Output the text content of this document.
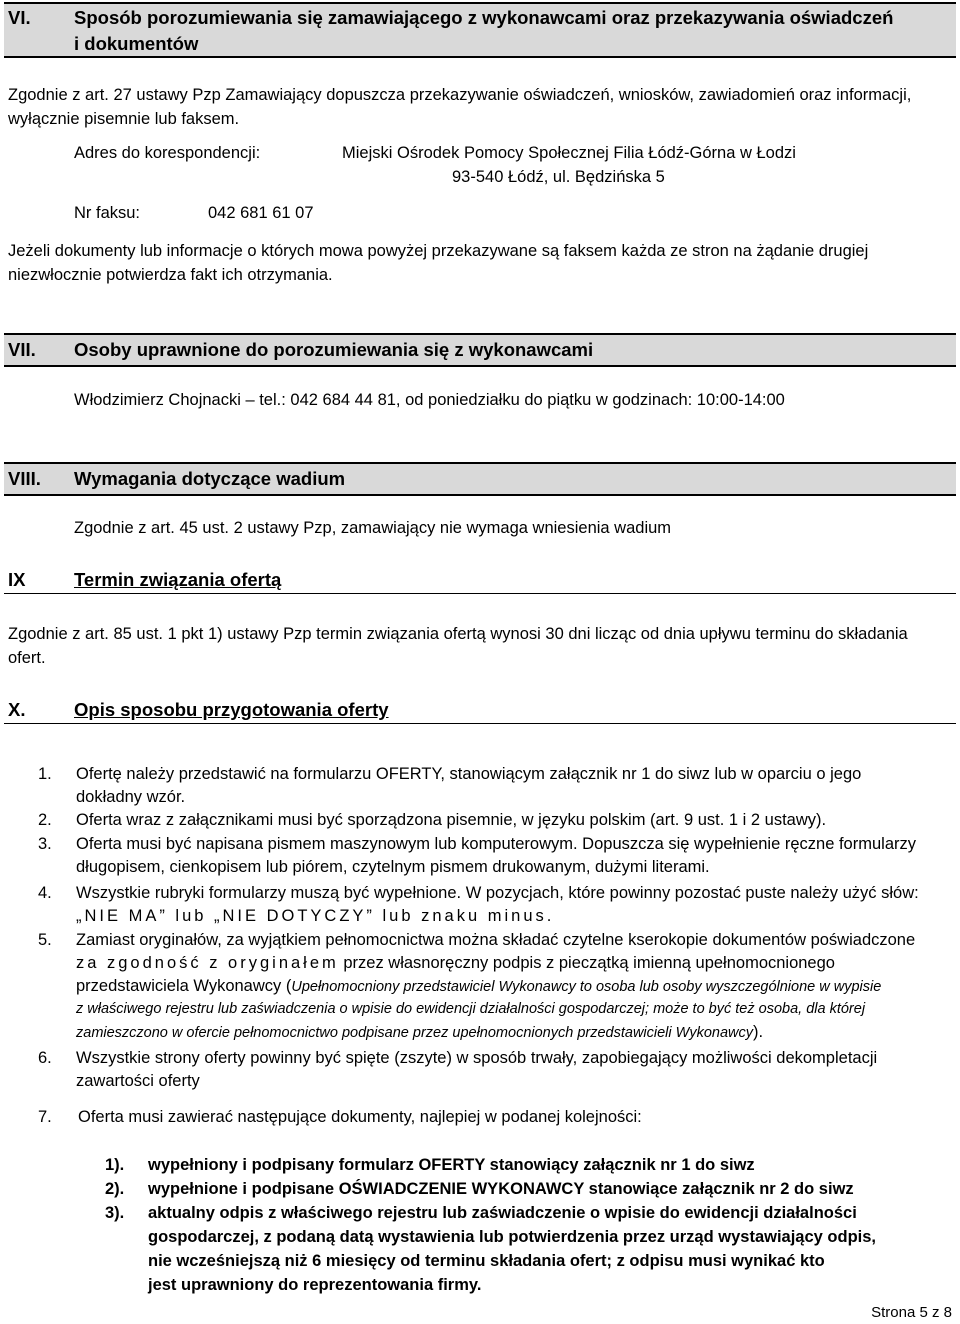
VI. Sposób porozumiewania się zamawiającego z wykonawcami oraz przekazywania oświadczeń
i dokumentów
Zgodnie z art. 27 ustawy Pzp Zamawiający dopuszcza przekazywanie oświadczeń, wniosków, zawiadomień oraz informacji,
wyłącznie pisemnie lub faksem.
Adres do korespondencji:	Miejski Ośrodek Pomocy Społecznej Filia Łódź-Górna w Łodzi
93-540 Łódź, ul. Będzińska 5
Nr faksu:	042 681 61 07
Jeżeli dokumenty lub informacje o których mowa powyżej przekazywane są faksem każda ze stron na żądanie drugiej
niezwłocznie potwierdza fakt ich otrzymania.
VII. Osoby uprawnione do porozumiewania się z wykonawcami
Włodzimierz Chojnacki – tel.: 042 684 44 81, od poniedziałku do piątku w godzinach: 10:00-14:00
VIII. Wymagania dotyczące wadium
Zgodnie z art. 45 ust. 2 ustawy Pzp, zamawiający nie wymaga wniesienia wadium
IX	Termin związania ofertą
Zgodnie z art. 85 ust. 1 pkt 1) ustawy Pzp termin związania ofertą wynosi 30 dni licząc od dnia upływu terminu do składania
ofert.
X.	Opis sposobu przygotowania oferty
1. Ofertę należy przedstawić na formularzu OFERTY, stanowiącym załącznik nr 1 do siwz lub w oparciu o jego
dokładny wzór.
2. Oferta wraz z załącznikami musi być sporządzona pisemnie, w języku polskim (art. 9 ust. 1 i 2 ustawy).
3. Oferta musi być napisana pismem maszynowym lub komputerowym. Dopuszcza się wypełnienie ręczne formularzy
długopisem, cienkopisem lub piórem, czytelnym pismem drukowanym, dużymi literami.
4. Wszystkie rubryki formularzy muszą być wypełnione. W pozycjach, które powinny pozostać puste należy użyć słów:
„NIE MA” lub „NIE DOTYCZY” lub znaku minus.
5. Zamiast oryginałów, za wyjątkiem pełnomocnictwa można składać czytelne kserokopie dokumentów poświadczone
za zgodność z oryginałem przez własnoręczny podpis z pieczątką imienną upełnomocnionego
przedstawiciela Wykonawcy (Upełnomocniony przedstawiciel Wykonawcy to osoba lub osoby wyszczególnione w wypisie
z właściwego rejestru lub zaświadczenia o wpisie do ewidencji działalności gospodarczej; może to być też osoba, dla której
zamieszczono w ofercie pełnomocnictwo podpisane przez upełnomocnionych przedstawicieli Wykonawcy).
6. Wszystkie strony oferty powinny być spięte (zszyte) w sposób trwały, zapobiegający możliwości dekompletacji
zawartości oferty
7. Oferta musi zawierać następujące dokumenty, najlepiej w podanej kolejności:
1). wypełniony i podpisany formularz OFERTY stanowiący załącznik nr 1 do siwz
2). wypełnione i podpisane OŚWIADCZENIE WYKONAWCY stanowiące załącznik nr 2 do siwz
3). aktualny odpis z właściwego rejestru lub zaświadczenie o wpisie do ewidencji działalności
gospodarczej, z podaną datą wystawienia lub potwierdzenia przez urząd wystawiający odpis,
nie wcześniejszą niż 6 miesięcy od terminu składania ofert; z odpisu musi wynikać kto
jest uprawniony do reprezentowania firmy.
Strona 5 z 8
